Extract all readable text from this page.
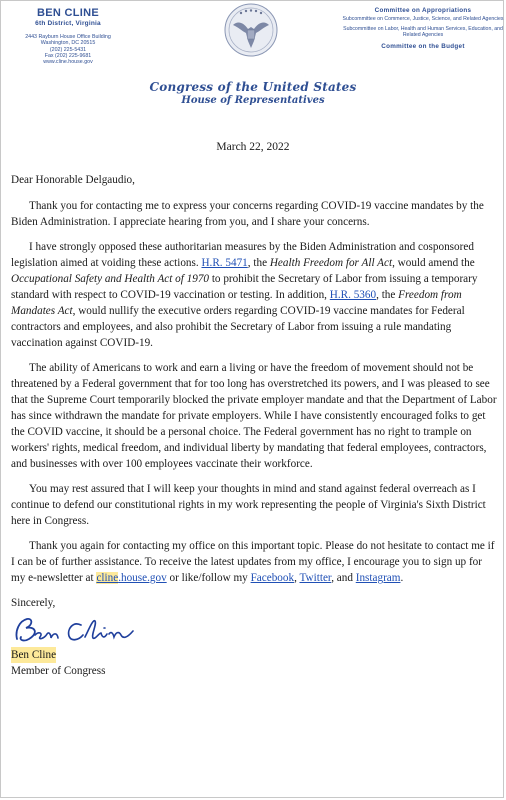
BEN CLINE
6th District, Virginia
2443 Rayburn House Office Building
Washington, DC 20515
(202) 225-5431
Fax (202) 225-9681
www.cline.house.gov
Congress of the United States
House of Representatives
Committee on Appropriations
Subcommittee on Commerce, Justice, Science, and Related Agencies
Subcommittee on Labor, Health and Human Services, Education, and Related Agencies
Committee on the Budget
March 22, 2022

Dear Honorable Delgaudio,

Thank you for contacting me to express your concerns regarding COVID-19 vaccine mandates by the Biden Administration. I appreciate hearing from you, and I share your concerns.

I have strongly opposed these authoritarian measures by the Biden Administration and cosponsored legislation aimed at voiding these actions. H.R. 5471, the Health Freedom for All Act, would amend the Occupational Safety and Health Act of 1970 to prohibit the Secretary of Labor from issuing a temporary standard with respect to COVID-19 vaccination or testing. In addition, H.R. 5360, the Freedom from Mandates Act, would nullify the executive orders regarding COVID-19 vaccine mandates for Federal contractors and employees, and also prohibit the Secretary of Labor from issuing a rule mandating vaccination against COVID-19.

The ability of Americans to work and earn a living or have the freedom of movement should not be threatened by a Federal government that for too long has overstretched its powers, and I was pleased to see that the Supreme Court temporarily blocked the private employer mandate and that the Department of Labor has since withdrawn the mandate for private employers. While I have consistently encouraged folks to get the COVID vaccine, it should be a personal choice. The Federal government has no right to trample on workers' rights, medical freedom, and individual liberty by mandating that federal employees, contractors, and businesses with over 100 employees vaccinate their workforce.

You may rest assured that I will keep your thoughts in mind and stand against federal overreach as I continue to defend our constitutional rights in my work representing the people of Virginia's Sixth District here in Congress.

Thank you again for contacting my office on this important topic. Please do not hesitate to contact me if I can be of further assistance. To receive the latest updates from my office, I encourage you to sign up for my e-newsletter at cline.house.gov or like/follow my Facebook, Twitter, and Instagram.

Sincerely,
Ben Cline
Member of Congress
